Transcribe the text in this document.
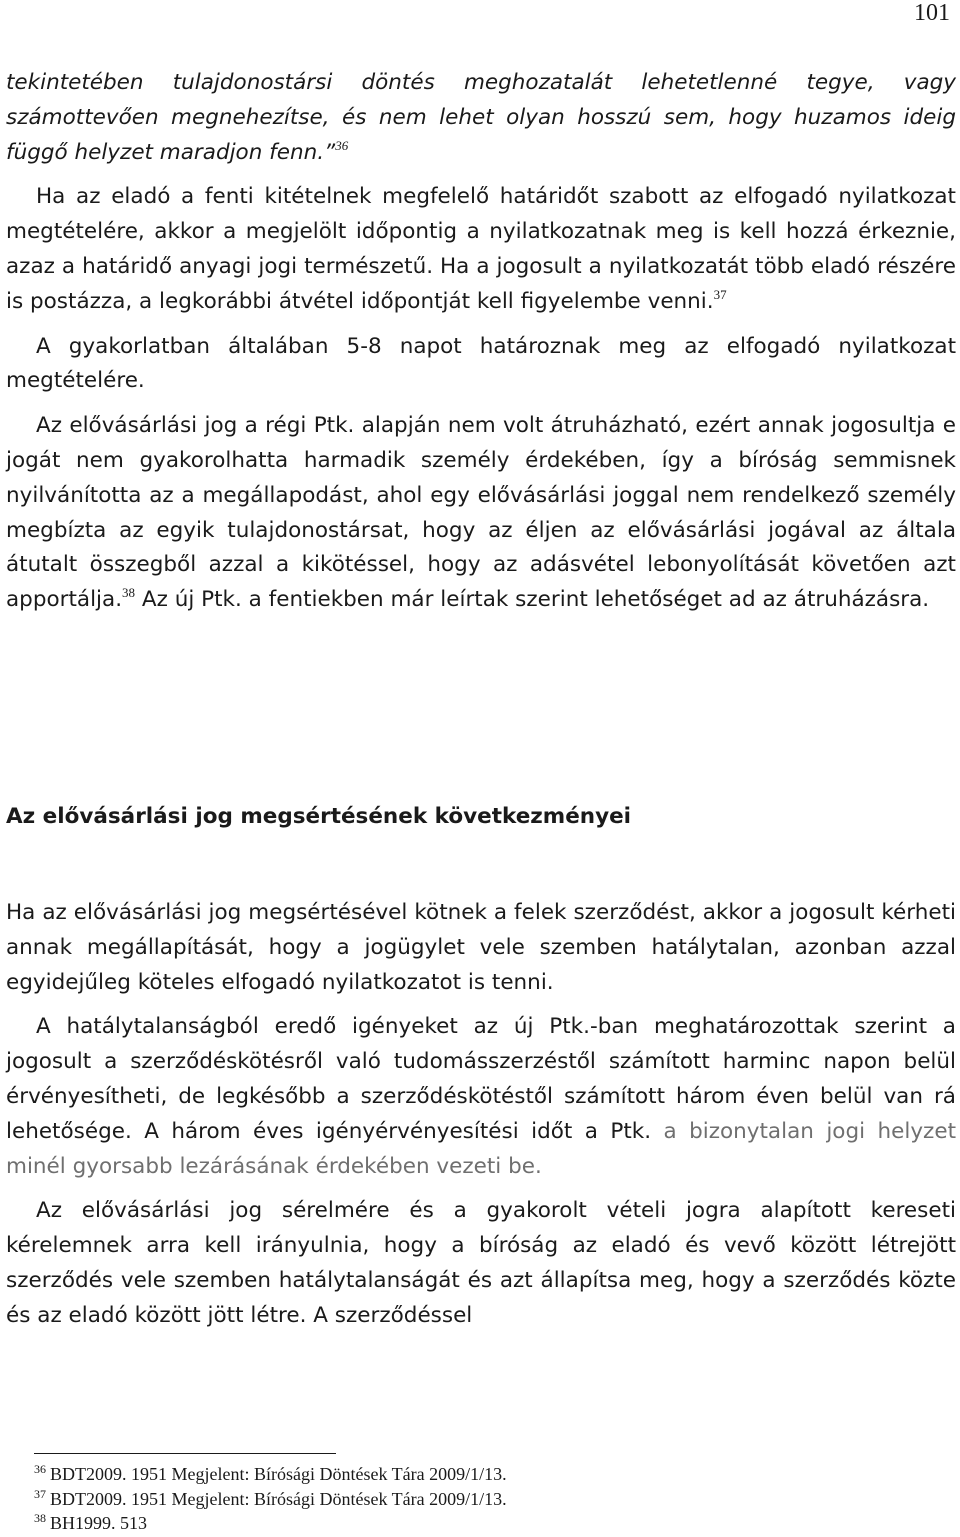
101

tekintetében tulajdonostársi döntés meghozatalát lehetetlenné tegye, vagy számottevően megnehezítse, és nem lehet olyan hosszú sem, hogy huzamos ideig függő helyzet maradjon fenn.”$^{36}$

Ha az eladó a fenti kitételnek megfelelő határidőt szabott az elfogadó nyilatkozat megtételére, akkor a megjelölt időpontig a nyilatkozatnak meg is kell hozzá érkeznie, azaz a határidő anyagi jogi természetű. Ha a jogosult a nyilatkozatát több eladó részére is postázza, a legkorábbi átvétel időpontját kell figyelembe venni.$^{37}$

A gyakorlatban általában 5-8 napot határoznak meg az elfogadó nyilatkozat megtételére.

Az elővásárlási jog a régi Ptk. alapján nem volt átruházható, ezért annak jogosultja e jogát nem gyakorolhatta harmadik személy érdekében, így a bíróság semmisnek nyilvánította az a megállapodást, ahol egy elővásárlási joggal nem rendelkező személy megbízta az egyik tulajdonostársat, hogy az éljen az elővásárlási jogával az általa átutalt összegből azzal a kikötéssel, hogy az adásvétel lebonyolítását követően azt apportálja.$^{38}$ Az új Ptk. a fentiekben már leírtak szerint lehetőséget ad az átruházásra.

Az elővásárlási jog megsértésének következményei

Ha az elővásárlási jog megsértésével kötnek a felek szerződést, akkor a jogosult kérheti annak megállapítását, hogy a jogügylet vele szemben hatálytalan, azonban azzal egyidejűleg köteles elfogadó nyilatkozatot is tenni.

A hatálytalanságból eredő igényeket az új Ptk.-ban meghatározottak szerint a jogosult a szerződéskötésről való tudomásszerzéstől számított harminc napon belül érvényesítheti, de legkésőbb a szerződéskötéstől számított három éven belül van rá lehetősége. A három éves igényérvényesítési időt a Ptk. a bizonytalan jogi helyzet minél gyorsabb lezárásának érdekében vezeti be.

Az elővásárlási jog sérelmére és a gyakorolt vételi jogra alapított kereseti kérelemnek arra kell irányulnia, hogy a bíróság az eladó és vevő között létrejött szerződés vele szemben hatálytalanságát és azt állapítsa meg, hogy a szerződés közte és az eladó között jött létre. A szerződéssel

$^{36}$ BDT2009. 1951 Megjelent: Bírósági Döntések Tára 2009/1/13.
$^{37}$ BDT2009. 1951 Megjelent: Bírósági Döntések Tára 2009/1/13.
$^{38}$ BH1999. 513
